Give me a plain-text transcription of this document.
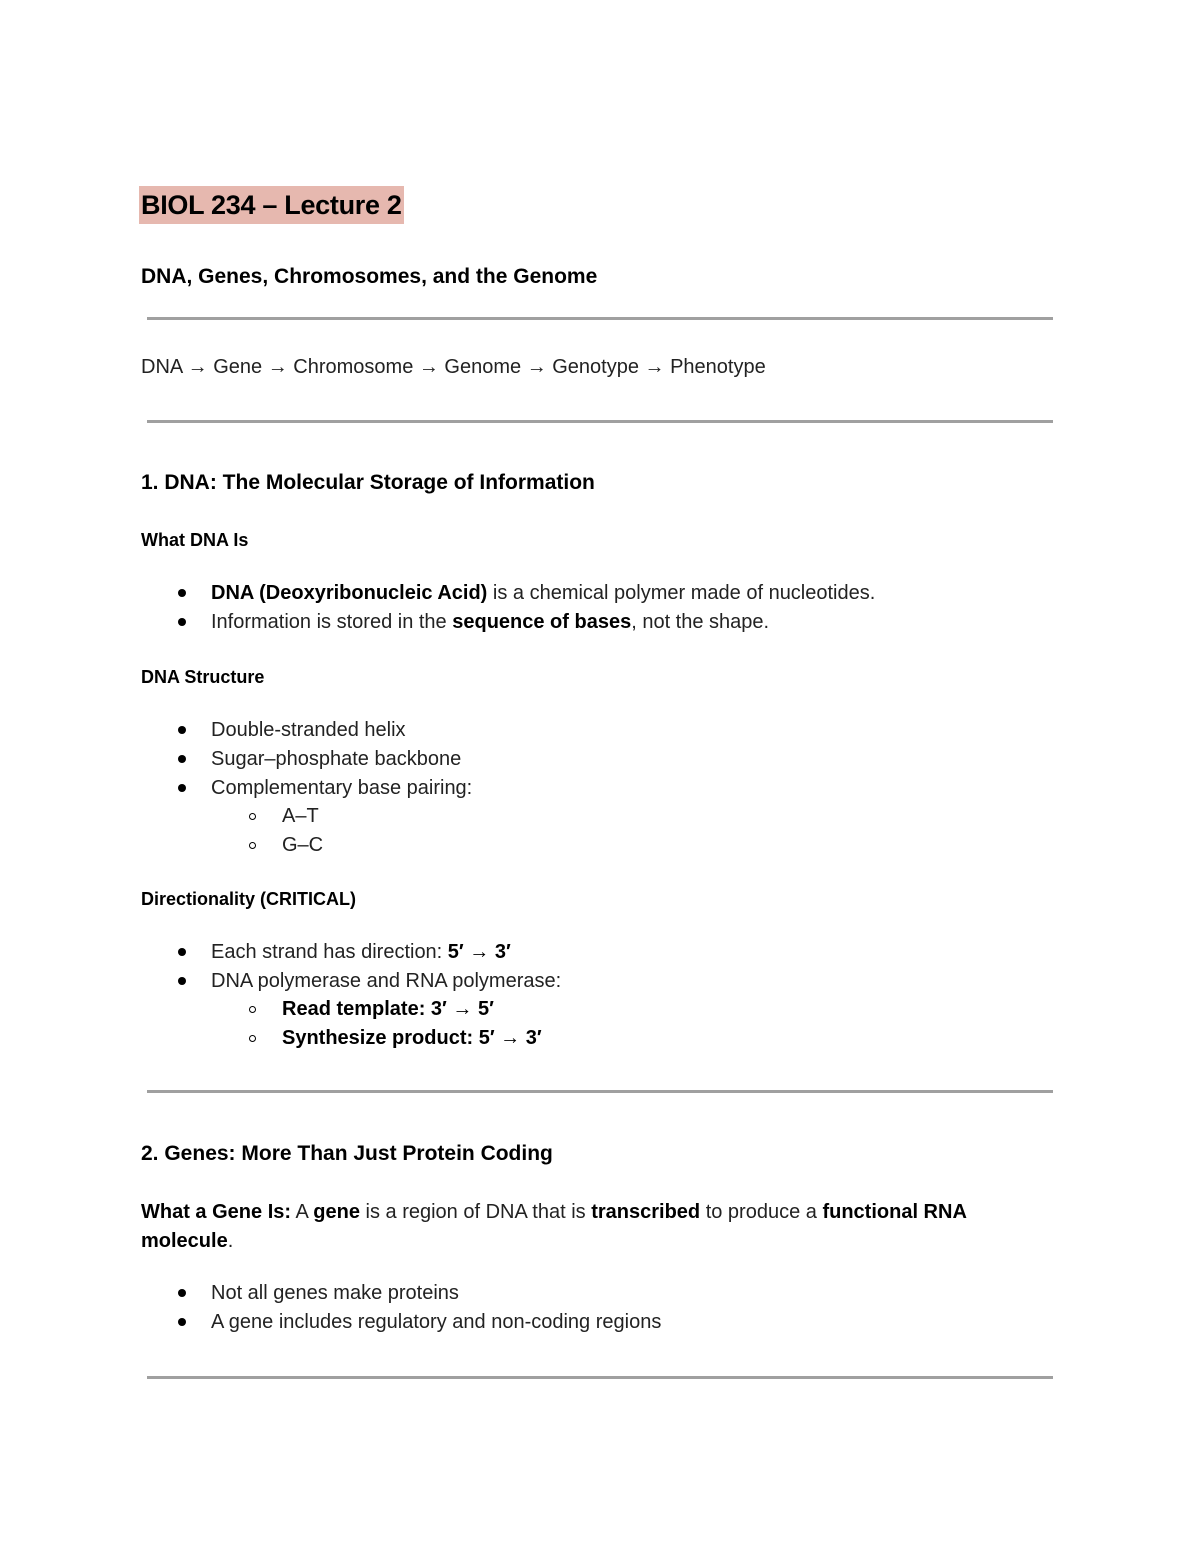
BIOL 234 – Lecture 2
DNA, Genes, Chromosomes, and the Genome
DNA → Gene → Chromosome → Genome → Genotype → Phenotype
1. DNA: The Molecular Storage of Information
What DNA Is
DNA (Deoxyribonucleic Acid) is a chemical polymer made of nucleotides.
Information is stored in the sequence of bases, not the shape.
DNA Structure
Double-stranded helix
Sugar–phosphate backbone
Complementary base pairing:
A–T
G–C
Directionality (CRITICAL)
Each strand has direction: 5′ → 3′
DNA polymerase and RNA polymerase:
Read template: 3′ → 5′
Synthesize product: 5′ → 3′
2. Genes: More Than Just Protein Coding
What a Gene Is: A gene is a region of DNA that is transcribed to produce a functional RNA molecule.
Not all genes make proteins
A gene includes regulatory and non-coding regions
